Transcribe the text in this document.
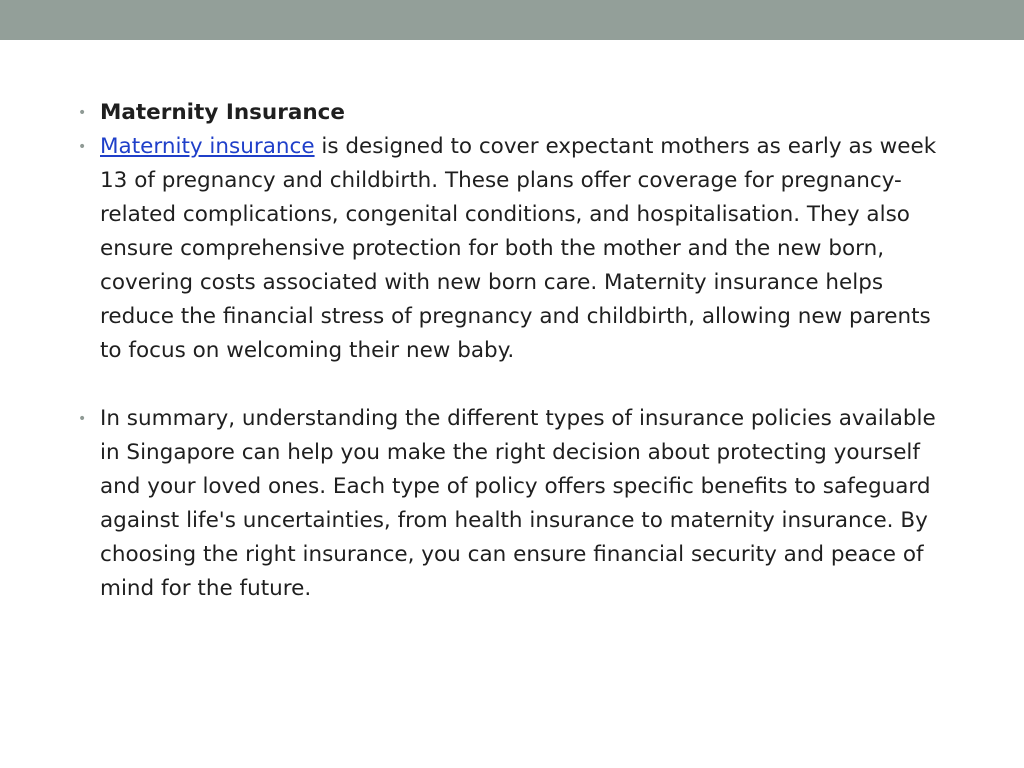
• Maternity Insurance
• Maternity insurance is designed to cover expectant mothers as early as week 13 of pregnancy and childbirth. These plans offer coverage for pregnancy-related complications, congenital conditions, and hospitalisation. They also ensure comprehensive protection for both the mother and the new born, covering costs associated with new born care. Maternity insurance helps reduce the financial stress of pregnancy and childbirth, allowing new parents to focus on welcoming their new baby.
• In summary, understanding the different types of insurance policies available in Singapore can help you make the right decision about protecting yourself and your loved ones. Each type of policy offers specific benefits to safeguard against life's uncertainties, from health insurance to maternity insurance. By choosing the right insurance, you can ensure financial security and peace of mind for the future.
